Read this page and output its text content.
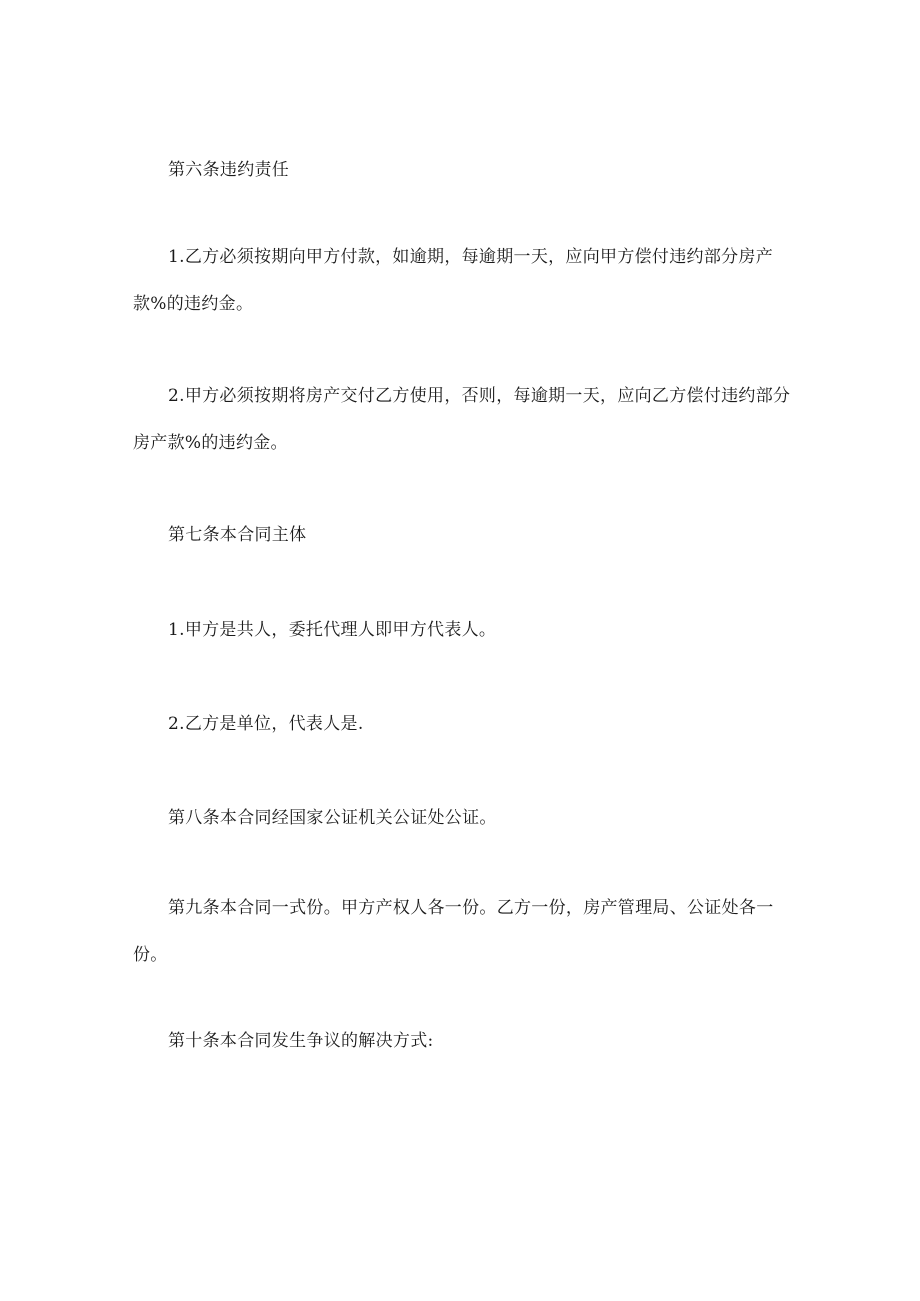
第六条违约责任

1.乙方必须按期向甲方付款，如逾期，每逾期一天，应向甲方偿付违约部分房产款%的违约金。

2.甲方必须按期将房产交付乙方使用，否则，每逾期一天，应向乙方偿付违约部分房产款%的违约金。

第七条本合同主体

1.甲方是共人，委托代理人即甲方代表人。

2.乙方是单位，代表人是.

第八条本合同经国家公证机关公证处公证。

第九条本合同一式份。甲方产权人各一份。乙方一份，房产管理局、公证处各一份。

第十条本合同发生争议的解决方式:
